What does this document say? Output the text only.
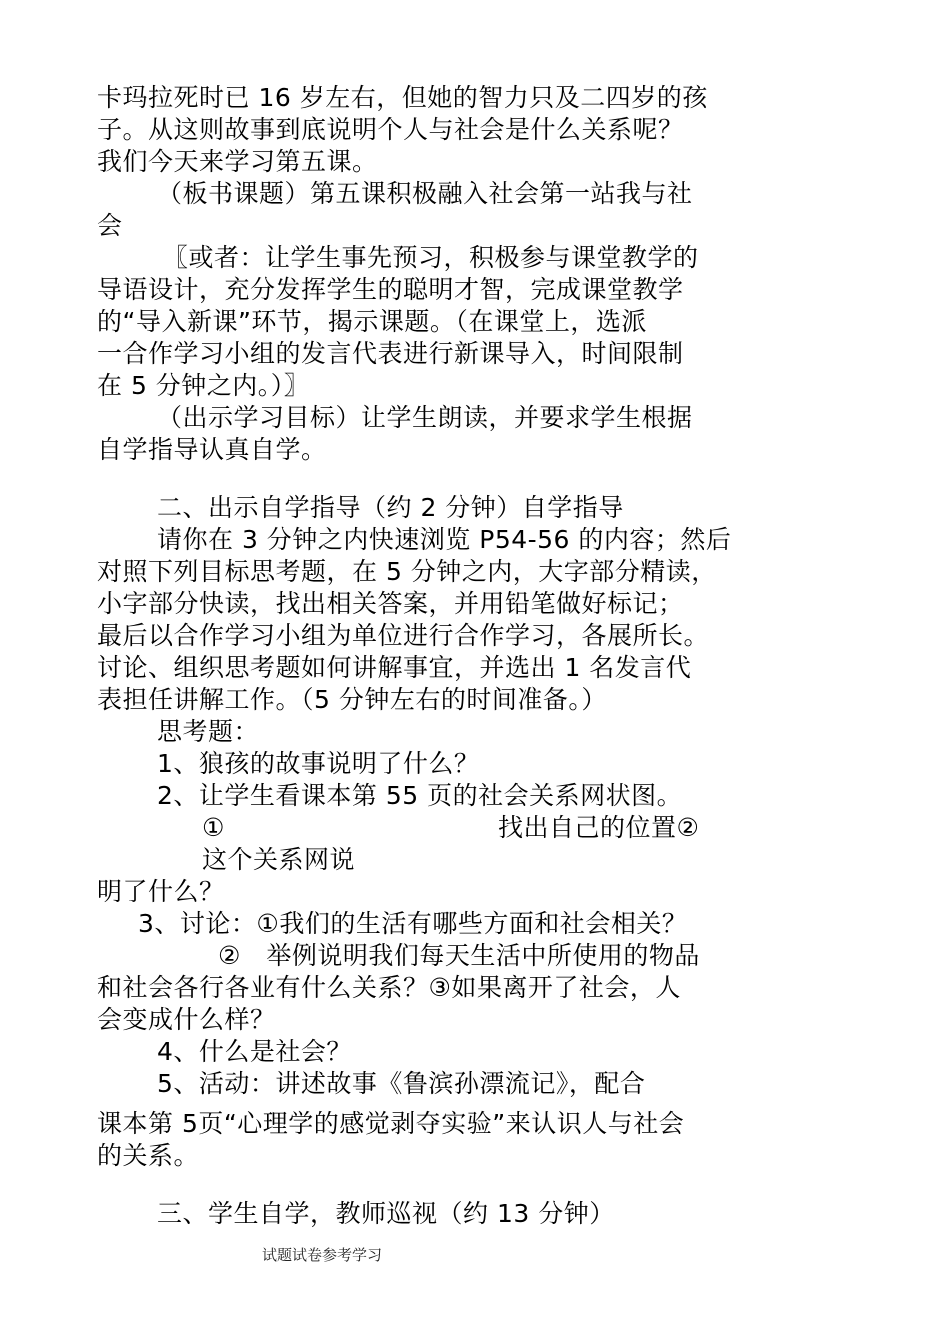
卡玛拉死时已 16 岁左右，但她的智力只及二四岁的孩
子。从这则故事到底说明个人与社会是什么关系呢？
我们今天来学习第五课。
（板书课题）第五课积极融入社会第一站我与社
会
〖或者：让学生事先预习，积极参与课堂教学的
导语设计，充分发挥学生的聪明才智，完成课堂教学
的“导入新课”环节，揭示课题。（在课堂上，选派
一合作学习小组的发言代表进行新课导入，时间限制
在 5 分钟之内。）〗
（出示学习目标）让学生朗读，并要求学生根据
自学指导认真自学。
二、出示自学指导（约 2 分钟）自学指导
请你在 3 分钟之内快速浏览 P54-56 的内容；然后
对照下列目标思考题，在 5 分钟之内，大字部分精读，
小字部分快读，找出相关答案，并用铅笔做好标记；
最后以合作学习小组为单位进行合作学习，各展所长。
讨论、组织思考题如何讲解事宜，并选出 1 名发言代
表担任讲解工作。（5 分钟左右的时间准备。）
思考题：
1、狼孩的故事说明了什么？
2、让学生看课本第 55 页的社会关系网状图。
①	找出自己的位置②
这个关系网说
明了什么？
3、讨论：①我们的生活有哪些方面和社会相关？
②　举例说明我们每天生活中所使用的物品
和社会各行各业有什么关系？③如果离开了社会，人
会变成什么样？
4、什么是社会？
5、活动：讲述故事《鲁滨孙漂流记》，配合
课本第 5页“心理学的感觉剥夺实验”来认识人与社会
的关系。
三、学生自学，教师巡视（约 13 分钟）
试题试卷参考学习
